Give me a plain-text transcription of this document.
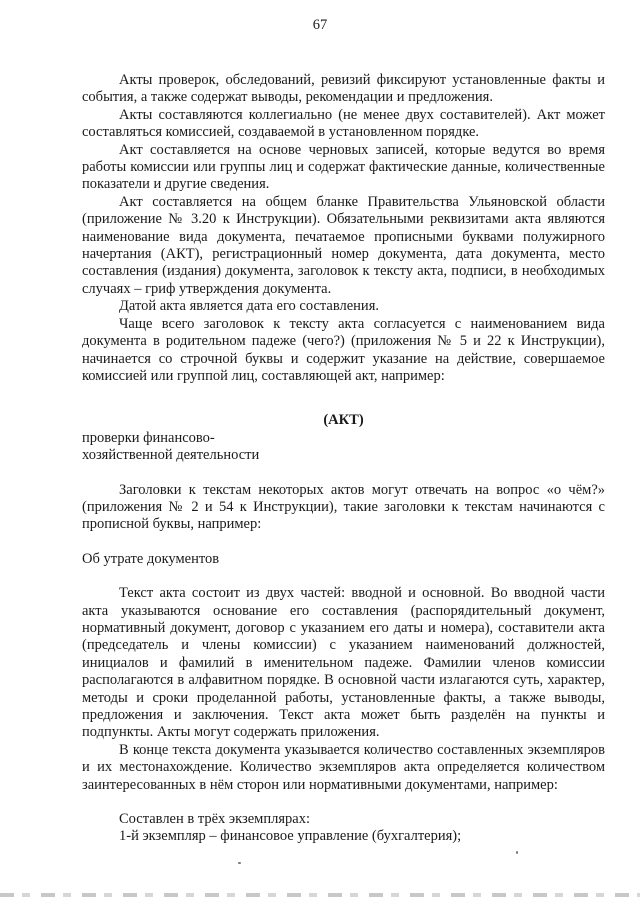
67

Акты проверок, обследований, ревизий фиксируют установленные факты и события, а также содержат выводы, рекомендации и предложения.

Акты составляются коллегиально (не менее двух составителей). Акт может составляться комиссией, создаваемой в установленном порядке.

Акт составляется на основе черновых записей, которые ведутся во время работы комиссии или группы лиц и содержат фактические данные, количественные показатели и другие сведения.

Акт составляется на общем бланке Правительства Ульяновской области (приложение № 3.20 к Инструкции). Обязательными реквизитами акта являются наименование вида документа, печатаемое прописными буквами полужирного начертания (АКТ), регистрационный номер документа, дата документа, место составления (издания) документа, заголовок к тексту акта, подписи, в необходимых случаях – гриф утверждения документа.

Датой акта является дата его составления.

Чаще всего заголовок к тексту акта согласуется с наименованием вида документа в родительном падеже (чего?) (приложения № 5 и 22 к Инструкции), начинается со строчной буквы и содержит указание на действие, совершаемое комиссией или группой лиц, составляющей акт, например:

(АКТ)

проверки финансово-

хозяйственной деятельности

Заголовки к текстам некоторых актов могут отвечать на вопрос «о чём?» (приложения № 2 и 54 к Инструкции), такие заголовки к текстам начинаются с прописной буквы, например:

Об утрате документов

Текст акта состоит из двух частей: вводной и основной. Во вводной части акта указываются основание его составления (распорядительный документ, нормативный документ, договор с указанием его даты и номера), составители акта (председатель и члены комиссии) с указанием наименований должностей, инициалов и фамилий в именительном падеже. Фамилии членов комиссии располагаются в алфавитном порядке. В основной части излагаются суть, характер, методы и сроки проделанной работы, установленные факты, а также выводы, предложения и заключения. Текст акта может быть разделён на пункты и подпункты. Акты могут содержать приложения.

В конце текста документа указывается количество составленных экземпляров и их местонахождение. Количество экземпляров акта определяется количеством заинтересованных в нём сторон или нормативными документами, например:

Составлен в трёх экземплярах:

1-й экземпляр – финансовое управление (бухгалтерия);
